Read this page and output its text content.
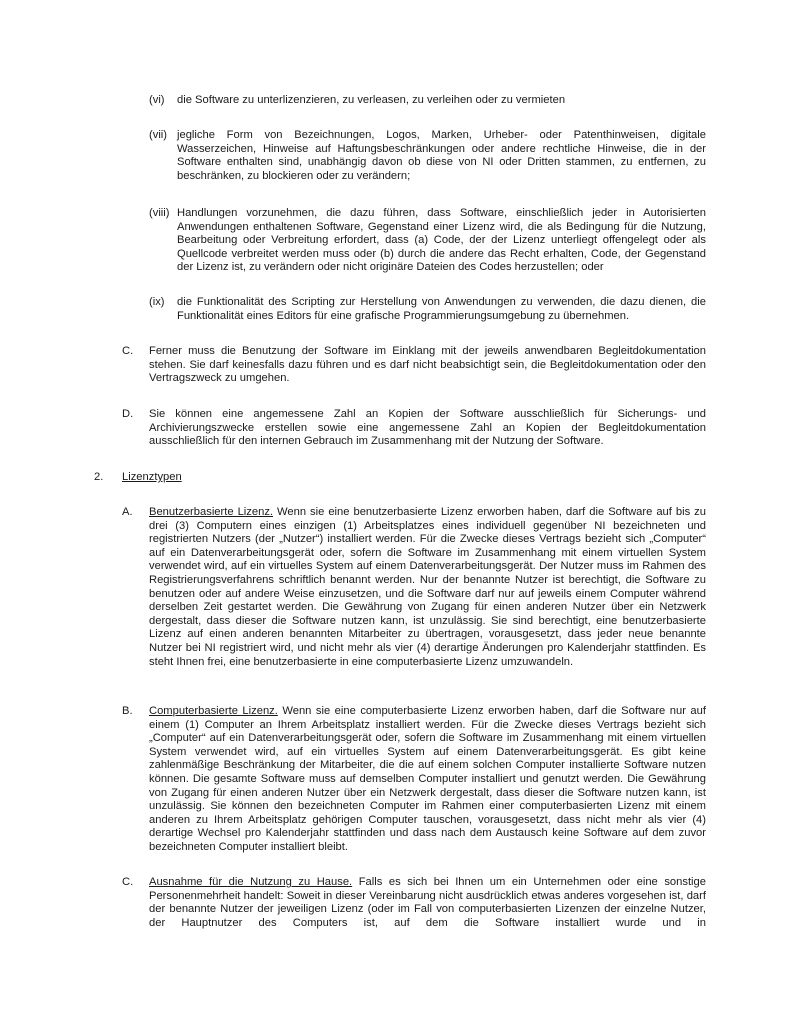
(vi) die Software zu unterlizenzieren, zu verleasen, zu verleihen oder zu vermieten
(vii) jegliche Form von Bezeichnungen, Logos, Marken, Urheber- oder Patenthinweisen, digitale Wasserzeichen, Hinweise auf Haftungsbeschränkungen oder andere rechtliche Hinweise, die in der Software enthalten sind, unabhängig davon ob diese von NI oder Dritten stammen, zu entfernen, zu beschränken, zu blockieren oder zu verändern;
(viii) Handlungen vorzunehmen, die dazu führen, dass Software, einschließlich jeder in Autorisierten Anwendungen enthaltenen Software, Gegenstand einer Lizenz wird, die als Bedingung für die Nutzung, Bearbeitung oder Verbreitung erfordert, dass (a) Code, der der Lizenz unterliegt offengelegt oder als Quellcode verbreitet werden muss oder (b) durch die andere das Recht erhalten, Code, der Gegenstand der Lizenz ist, zu verändern oder nicht originäre Dateien des Codes herzustellen; oder
(ix) die Funktionalität des Scripting zur Herstellung von Anwendungen zu verwenden, die dazu dienen, die Funktionalität eines Editors für eine grafische Programmierungsumgebung zu übernehmen.
C. Ferner muss die Benutzung der Software im Einklang mit der jeweils anwendbaren Begleitdokumentation stehen. Sie darf keinesfalls dazu führen und es darf nicht beabsichtigt sein, die Begleitdokumentation oder den Vertragszweck zu umgehen.
D. Sie können eine angemessene Zahl an Kopien der Software ausschließlich für Sicherungs- und Archivierungszwecke erstellen sowie eine angemessene Zahl an Kopien der Begleitdokumentation ausschließlich für den internen Gebrauch im Zusammenhang mit der Nutzung der Software.
2. Lizenztypen
A. Benutzerbasierte Lizenz. Wenn sie eine benutzerbasierte Lizenz erworben haben, darf die Software auf bis zu drei (3) Computern eines einzigen (1) Arbeitsplatzes eines individuell gegenüber NI bezeichneten und registrierten Nutzers (der „Nutzer“) installiert werden. Für die Zwecke dieses Vertrags bezieht sich „Computer“ auf ein Datenverarbeitungsgerät oder, sofern die Software im Zusammenhang mit einem virtuellen System verwendet wird, auf ein virtuelles System auf einem Datenverarbeitungsgerät. Der Nutzer muss im Rahmen des Registrierungsverfahrens schriftlich benannt werden. Nur der benannte Nutzer ist berechtigt, die Software zu benutzen oder auf andere Weise einzusetzen, und die Software darf nur auf jeweils einem Computer während derselben Zeit gestartet werden. Die Gewährung von Zugang für einen anderen Nutzer über ein Netzwerk dergestalt, dass dieser die Software nutzen kann, ist unzulässig. Sie sind berechtigt, eine benutzerbasierte Lizenz auf einen anderen benannten Mitarbeiter zu übertragen, vorausgesetzt, dass jeder neue benannte Nutzer bei NI registriert wird, und nicht mehr als vier (4) derartige Änderungen pro Kalenderjahr stattfinden. Es steht Ihnen frei, eine benutzerbasierte in eine computerbasierte Lizenz umzuwandeln.
B. Computerbasierte Lizenz. Wenn sie eine computerbasierte Lizenz erworben haben, darf die Software nur auf einem (1) Computer an Ihrem Arbeitsplatz installiert werden. Für die Zwecke dieses Vertrags bezieht sich „Computer“ auf ein Datenverarbeitungsgerät oder, sofern die Software im Zusammenhang mit einem virtuellen System verwendet wird, auf ein virtuelles System auf einem Datenverarbeitungsgerät. Es gibt keine zahlenmäßige Beschränkung der Mitarbeiter, die die auf einem solchen Computer installierte Software nutzen können. Die gesamte Software muss auf demselben Computer installiert und genutzt werden. Die Gewährung von Zugang für einen anderen Nutzer über ein Netzwerk dergestalt, dass dieser die Software nutzen kann, ist unzulässig. Sie können den bezeichneten Computer im Rahmen einer computerbasierten Lizenz mit einem anderen zu Ihrem Arbeitsplatz gehörigen Computer tauschen, vorausgesetzt, dass nicht mehr als vier (4) derartige Wechsel pro Kalenderjahr stattfinden und dass nach dem Austausch keine Software auf dem zuvor bezeichneten Computer installiert bleibt.
C. Ausnahme für die Nutzung zu Hause. Falls es sich bei Ihnen um ein Unternehmen oder eine sonstige Personenmehrheit handelt: Soweit in dieser Vereinbarung nicht ausdrücklich etwas anderes vorgesehen ist, darf der benannte Nutzer der jeweiligen Lizenz (oder im Fall von computerbasierten Lizenzen der einzelne Nutzer, der Hauptnutzer des Computers ist, auf dem die Software installiert wurde und in
